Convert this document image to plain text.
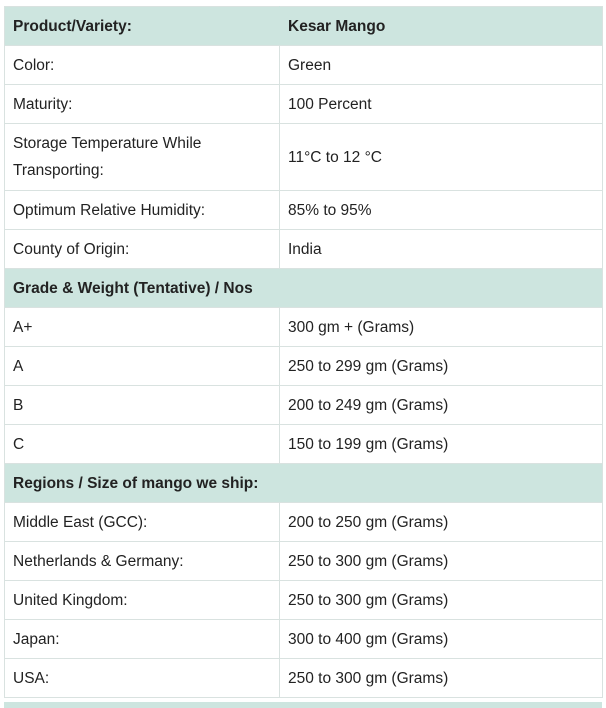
Product/Variety:	Kesar Mango
Color:	Green
Maturity:	100 Percent
Storage Temperature While Transporting:	11°C to 12 °C
Optimum Relative Humidity:	85% to 95%
County of Origin:	India
Grade & Weight (Tentative) / Nos	
A+	300 gm + (Grams)
A	250 to 299 gm (Grams)
B	200 to 249 gm (Grams)
C	150 to 199 gm (Grams)
Regions / Size of mango we ship:	
Middle East (GCC):	200 to 250 gm (Grams)
Netherlands & Germany:	250 to 300 gm (Grams)
United Kingdom:	250 to 300 gm (Grams)
Japan:	300 to 400 gm (Grams)
USA:	250 to 300 gm (Grams)
